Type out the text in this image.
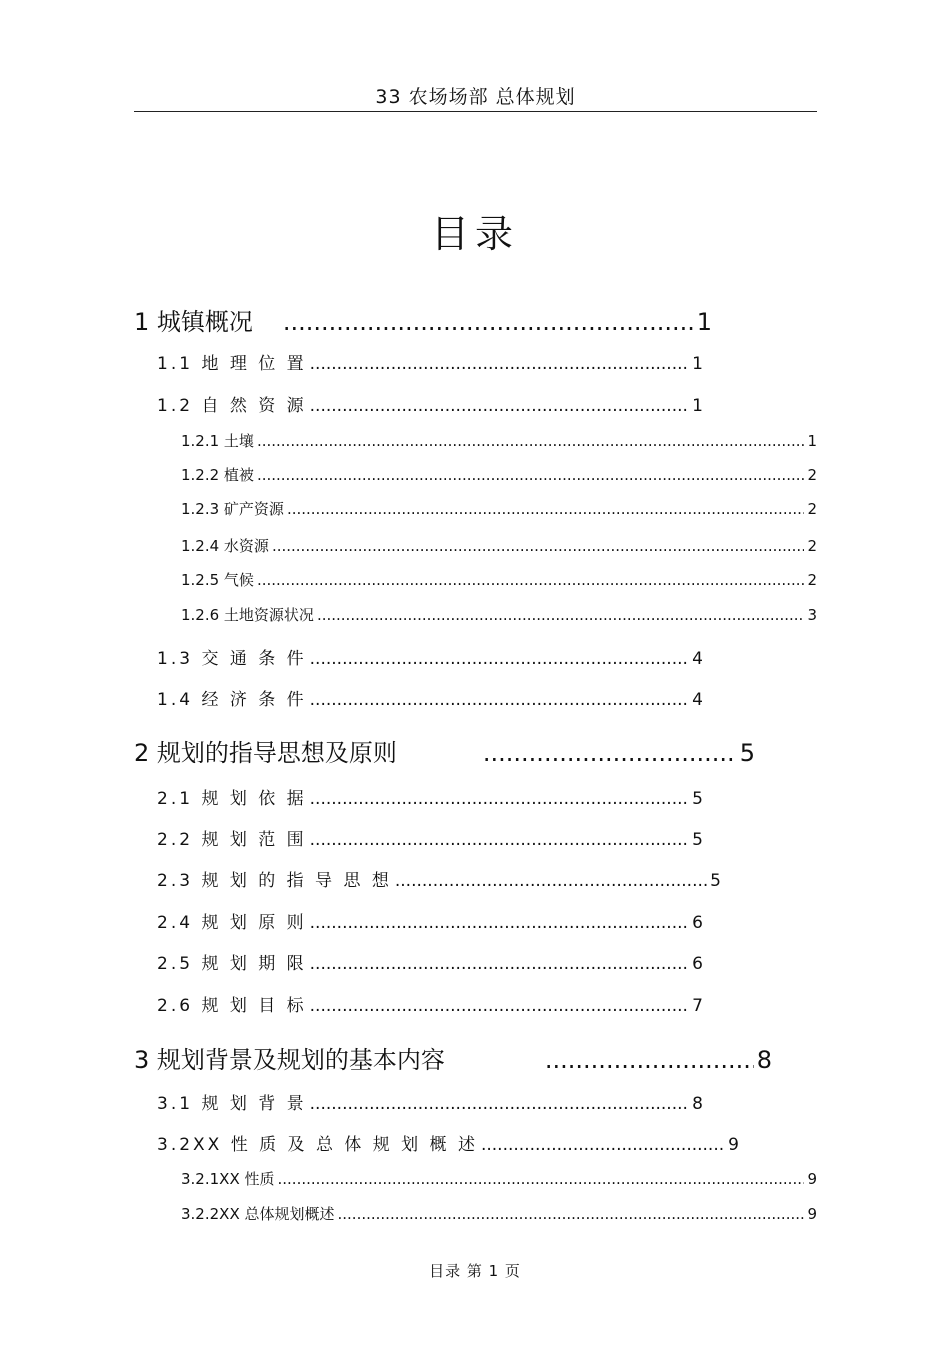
33 农场场部 总体规划
目录
1 城镇概况 .....	1
1.1 地 理 位 置 .....	1
1.2 自 然 资 源 .....	1
1.2.1 土壤 .....	1
1.2.2 植被 .....	2
1.2.3 矿产资源 .....	2
1.2.4 水资源 .....	2
1.2.5 气候 .....	2
1.2.6 土地资源状况 .....	3
1.3 交 通 条 件 .....	4
1.4 经 济 条 件 .....	4
2 规划的指导思想及原则 .....	5
2.1 规 划 依 据 .....	5
2.2 规 划 范 围 .....	5
2.3 规 划 的 指 导 思 想 .....	5
2.4 规 划 原 则 .....	6
2.5 规 划 期 限 .....	6
2.6 规 划 目 标 .....	7
3 规划背景及规划的基本内容 .....	8
3.1 规 划 背 景 .....	8
3.2XX 性 质 及 总 体 规 划 概 述 .....	9
3.2.1XX 性质 .....	9
3.2.2XX 总体规划概述 .....	9
目录 第 1 页
